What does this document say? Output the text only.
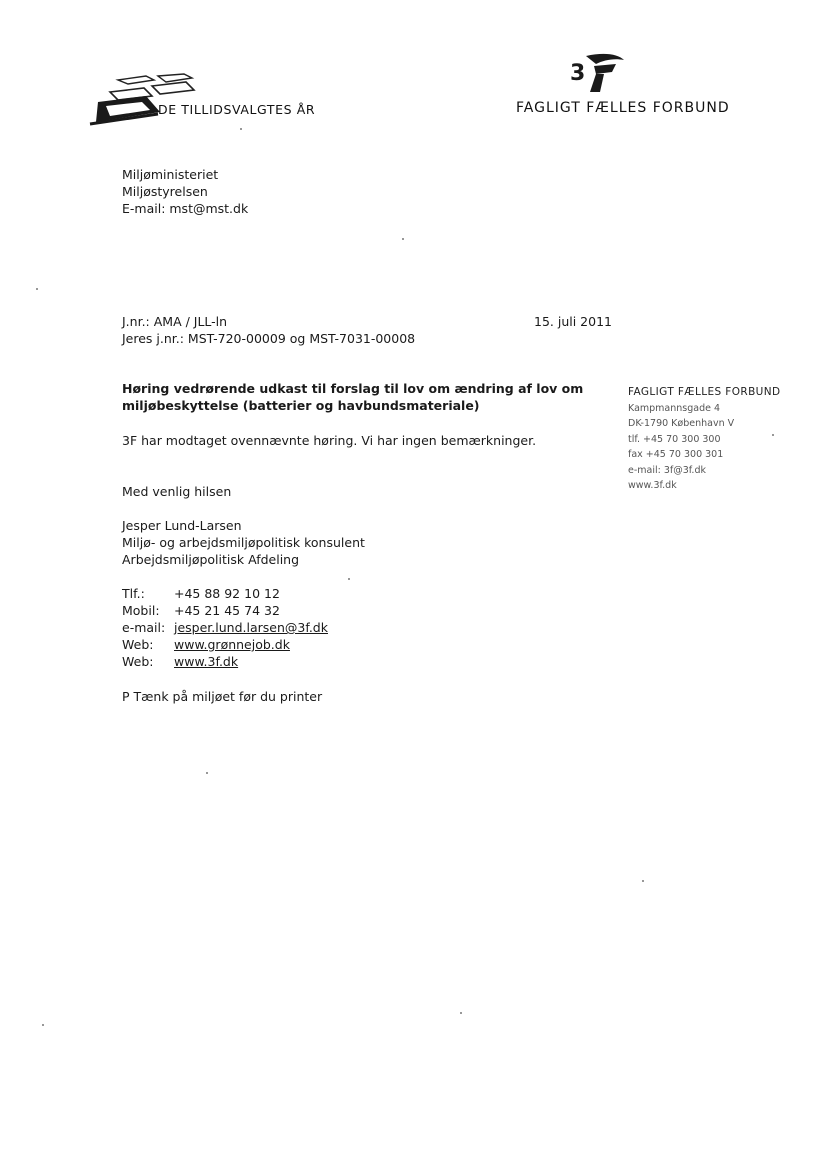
DE TILLIDSVALGTES ÅR
3
FAGLIGT FÆLLES FORBUND
Miljøministeriet
Miljøstyrelsen
E-mail: mst@mst.dk
J.nr.: AMA / JLL-ln
Jeres j.nr.: MST-720-00009 og MST-7031-00008
15. juli 2011
Høring vedrørende udkast til forslag til lov om ændring af lov om miljøbeskyttelse (batterier og havbundsmateriale)
FAGLIGT FÆLLES FORBUND
Kampmannsgade 4
DK-1790 København V
tlf. +45 70 300 300
fax +45 70 300 301
e-mail: 3f@3f.dk
www.3f.dk
3F har modtaget ovennævnte høring. Vi har ingen bemærkninger.
Med venlig hilsen
Jesper Lund-Larsen
Miljø- og arbejdsmiljøpolitisk konsulent
Arbejdsmiljøpolitisk Afdeling
Tlf.:	+45 88 92 10 12
Mobil:	+45 21 45 74 32
e-mail: jesper.lund.larsen@3f.dk
Web:	www.grønnejob.dk
Web:	www.3f.dk
P Tænk på miljøet før du printer
